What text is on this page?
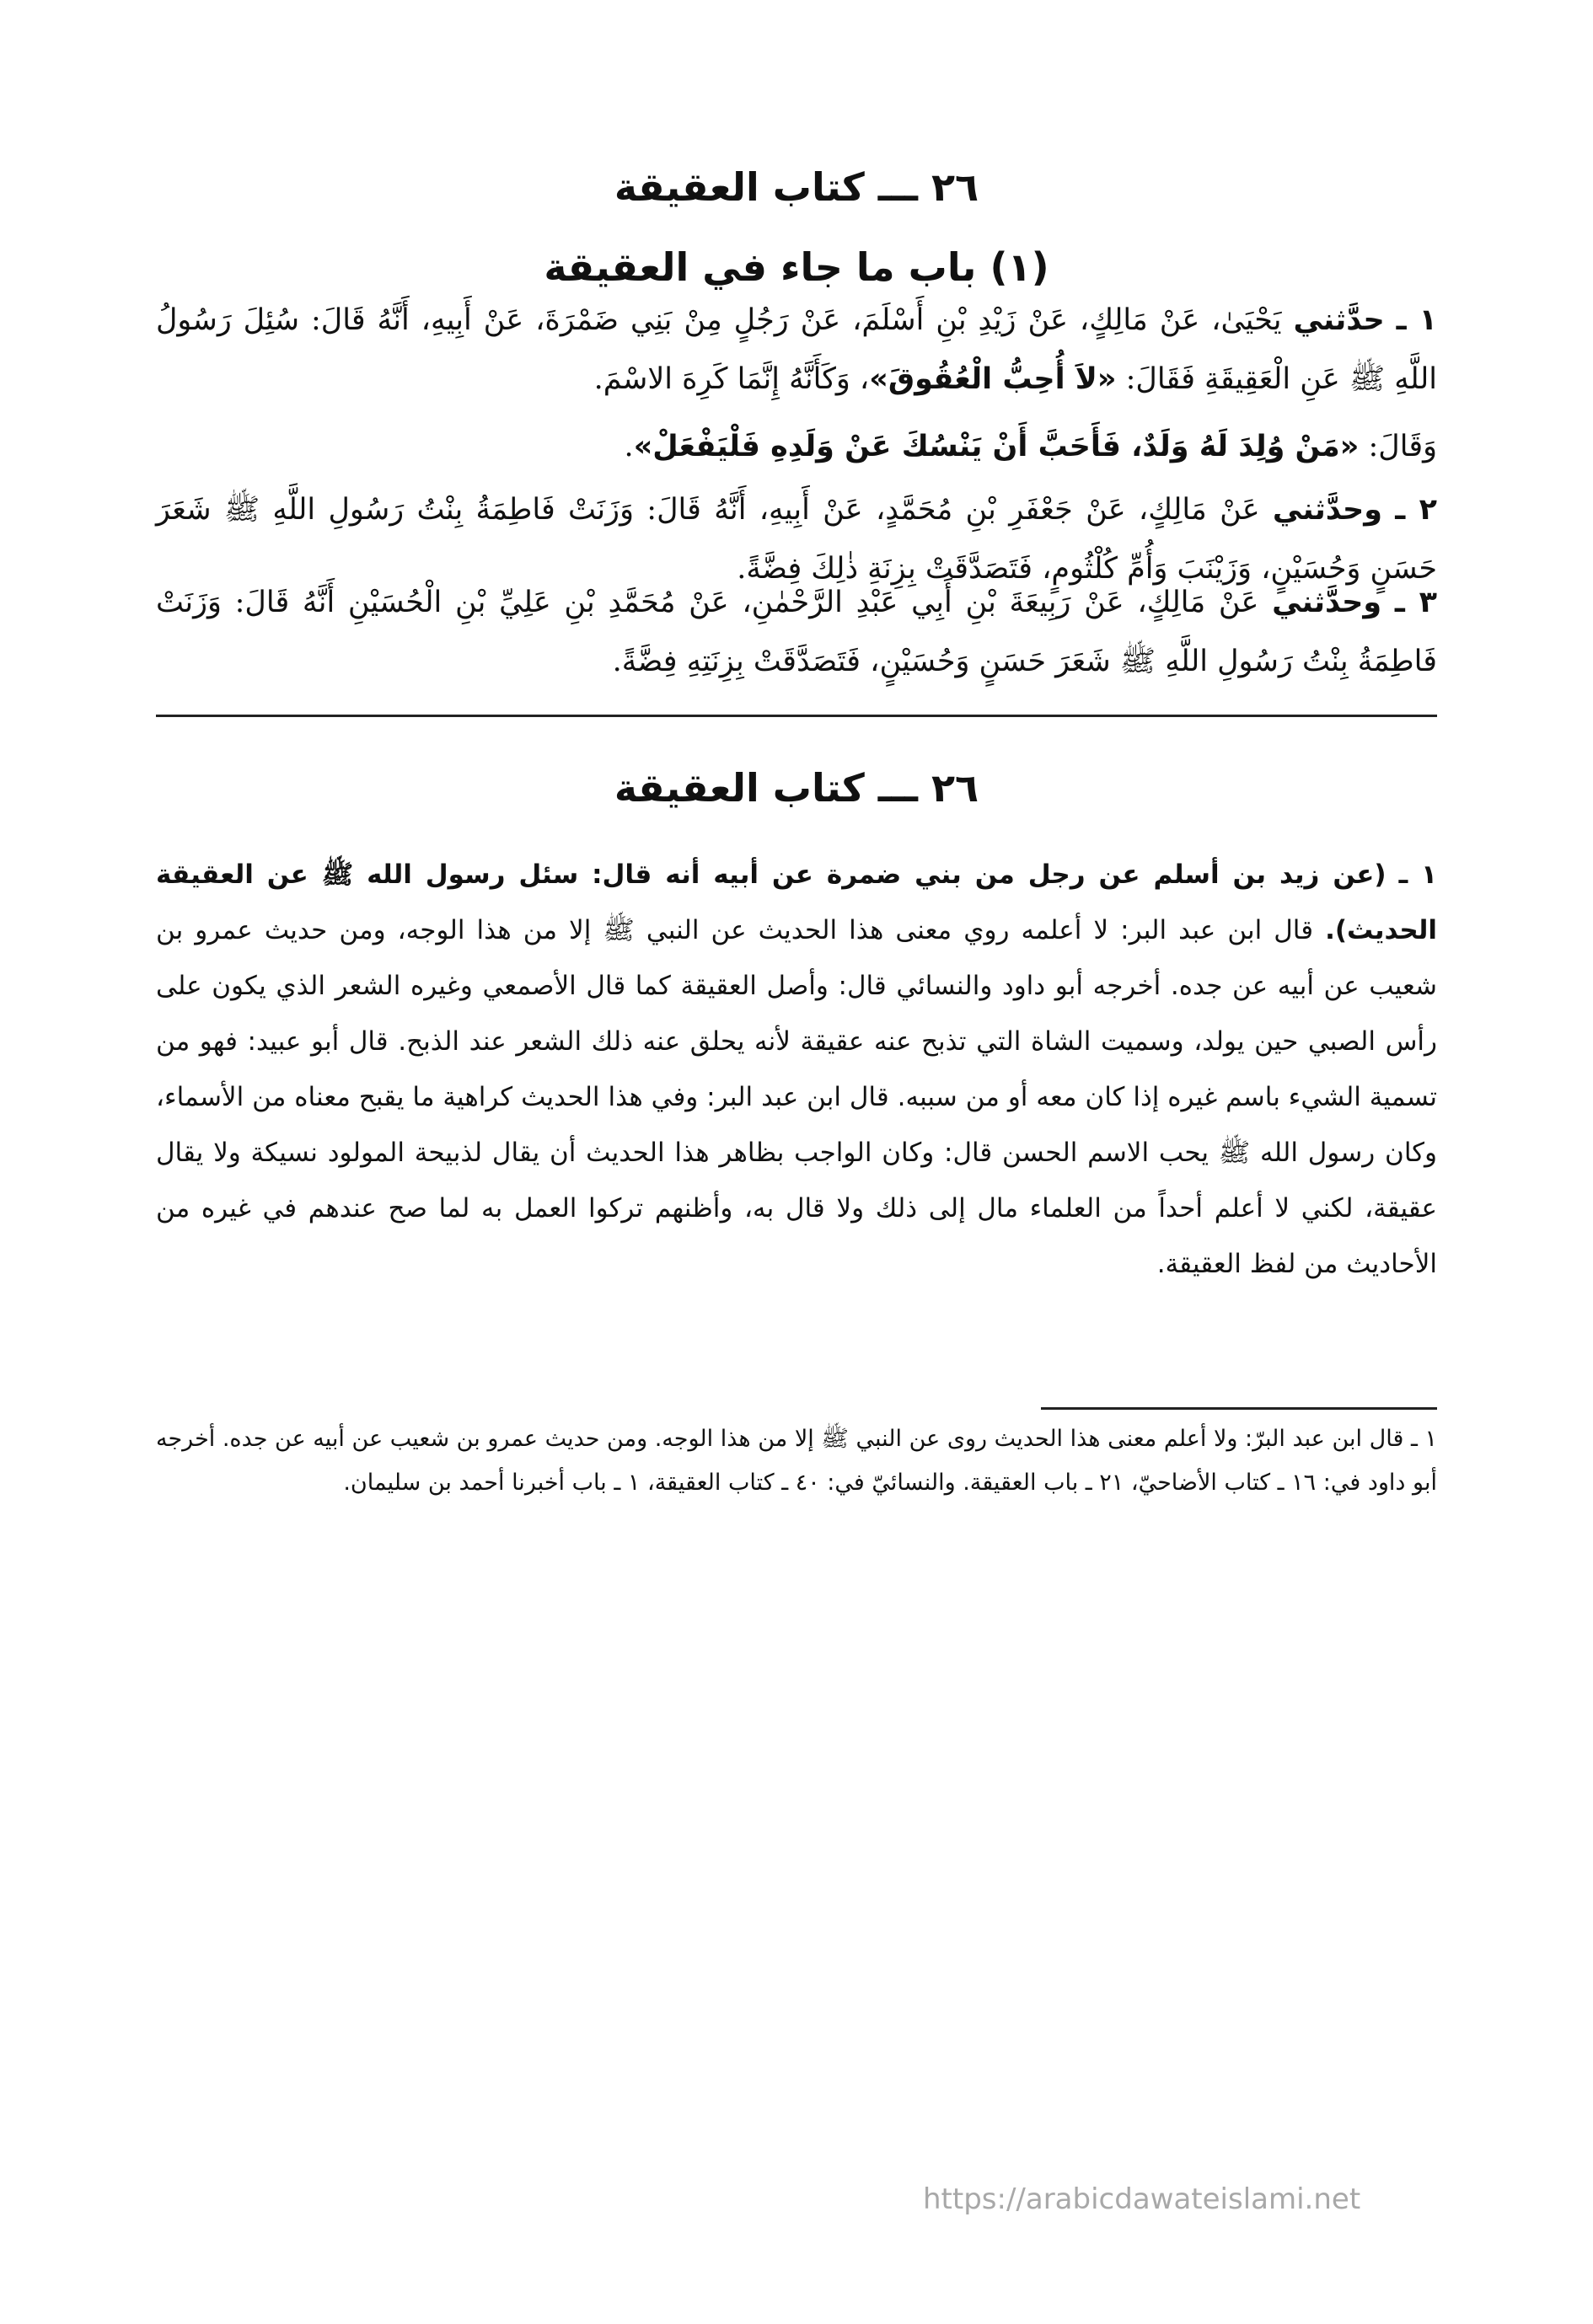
٢٦ ـــ كتاب العقيقة
(١) باب ما جاء في العقيقة
١ ـ حدَّثني يَحْيَىٰ، عَنْ مَالِكٍ، عَنْ زَيْدِ بْنِ أَسْلَمَ، عَنْ رَجُلٍ مِنْ بَنِي ضَمْرَةَ، عَنْ أَبِيهِ، أَنَّهُ قَالَ: سُئِلَ رَسُولُ اللَّهِ ﷺ عَنِ الْعَقِيقَةِ فَقَالَ: «لاَ أُحِبُّ الْعُقُوقَ»، وَكَأَنَّهُ إِنَّمَا كَرِهَ الاسْمَ.
وَقَالَ: «مَنْ وُلِدَ لَهُ وَلَدٌ، فَأَحَبَّ أَنْ يَنْسُكَ عَنْ وَلَدِهِ فَلْيَفْعَلْ».
٢ ـ وحدَّثني عَنْ مَالِكٍ، عَنْ جَعْفَرِ بْنِ مُحَمَّدٍ، عَنْ أَبِيهِ، أَنَّهُ قَالَ: وَزَنَتْ فَاطِمَةُ بِنْتُ رَسُولِ اللَّهِ ﷺ شَعَرَ حَسَنٍ وَحُسَيْنٍ، وَزَيْنَبَ وَأُمِّ كُلْثُومٍ، فَتَصَدَّقَتْ بِزِنَةِ ذٰلِكَ فِضَّةً.
٣ ـ وحدَّثني عَنْ مَالِكٍ، عَنْ رَبِيعَةَ بْنِ أَبِي عَبْدِ الرَّحْمٰنِ، عَنْ مُحَمَّدِ بْنِ عَلِيِّ بْنِ الْحُسَيْنِ أَنَّهُ قَالَ: وَزَنَتْ فَاطِمَةُ بِنْتُ رَسُولِ اللَّهِ ﷺ شَعَرَ حَسَنٍ وَحُسَيْنٍ، فَتَصَدَّقَتْ بِزِنَتِهِ فِضَّةً.
٢٦ ـــ كتاب العقيقة
١ ـ (عن زيد بن أسلم عن رجل من بني ضمرة عن أبيه أنه قال: سئل رسول الله ﷺ عن العقيقة الحديث). قال ابن عبد البر: لا أعلمه روي معنى هذا الحديث عن النبي ﷺ إلا من هذا الوجه، ومن حديث عمرو بن شعيب عن أبيه عن جده. أخرجه أبو داود والنسائي قال: وأصل العقيقة كما قال الأصمعي وغيره الشعر الذي يكون على رأس الصبي حين يولد، وسميت الشاة التي تذبح عنه عقيقة لأنه يحلق عنه ذلك الشعر عند الذبح. قال أبو عبيد: فهو من تسمية الشيء باسم غيره إذا كان معه أو من سببه. قال ابن عبد البر: وفي هذا الحديث كراهية ما يقبح معناه من الأسماء، وكان رسول الله ﷺ يحب الاسم الحسن قال: وكان الواجب بظاهر هذا الحديث أن يقال لذبيحة المولود نسيكة ولا يقال عقيقة، لكني لا أعلم أحداً من العلماء مال إلى ذلك ولا قال به، وأظنهم تركوا العمل به لما صح عندهم في غيره من الأحاديث من لفظ العقيقة.
١ ـ قال ابن عبد البرّ: ولا أعلم معنى هذا الحديث روى عن النبي ﷺ إلا من هذا الوجه. ومن حديث عمرو بن شعيب عن أبيه عن جده. أخرجه أبو داود في: ١٦ ـ كتاب الأضاحيّ، ٢١ ـ باب العقيقة. والنسائيّ في: ٤٠ ـ كتاب العقيقة، ١ ـ باب أخبرنا أحمد بن سليمان.
https://arabicdawateislami.net
